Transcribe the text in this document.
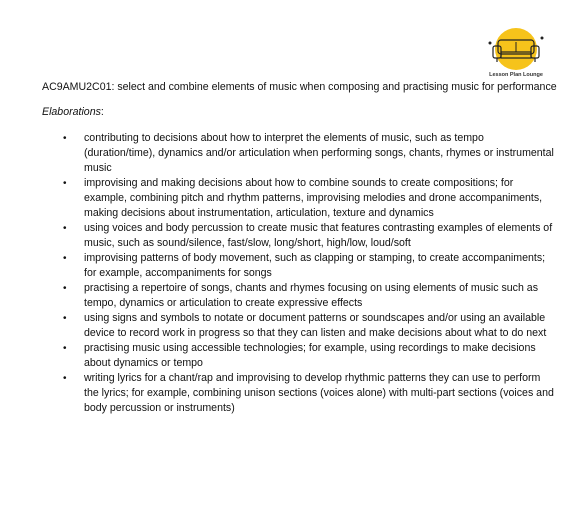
Lesson Plan Lounge

AC9AMU2C01: select and combine elements of music when composing and practising music for performance

Elaborations:

• contributing to decisions about how to interpret the elements of music, such as tempo (duration/time), dynamics and/or articulation when performing songs, chants, rhymes or instrumental music
• improvising and making decisions about how to combine sounds to create compositions; for example, combining pitch and rhythm patterns, improvising melodies and drone accompaniments, making decisions about instrumentation, articulation, texture and dynamics
• using voices and body percussion to create music that features contrasting examples of elements of music, such as sound/silence, fast/slow, long/short, high/low, loud/soft
• improvising patterns of body movement, such as clapping or stamping, to create accompaniments; for example, accompaniments for songs
• practising a repertoire of songs, chants and rhymes focusing on using elements of music such as tempo, dynamics or articulation to create expressive effects
• using signs and symbols to notate or document patterns or soundscapes and/or using an available device to record work in progress so that they can listen and make decisions about what to do next
• practising music using accessible technologies; for example, using recordings to make decisions about dynamics or tempo
• writing lyrics for a chant/rap and improvising to develop rhythmic patterns they can use to perform the lyrics; for example, combining unison sections (voices alone) with multi-part sections (voices and body percussion or instruments)
